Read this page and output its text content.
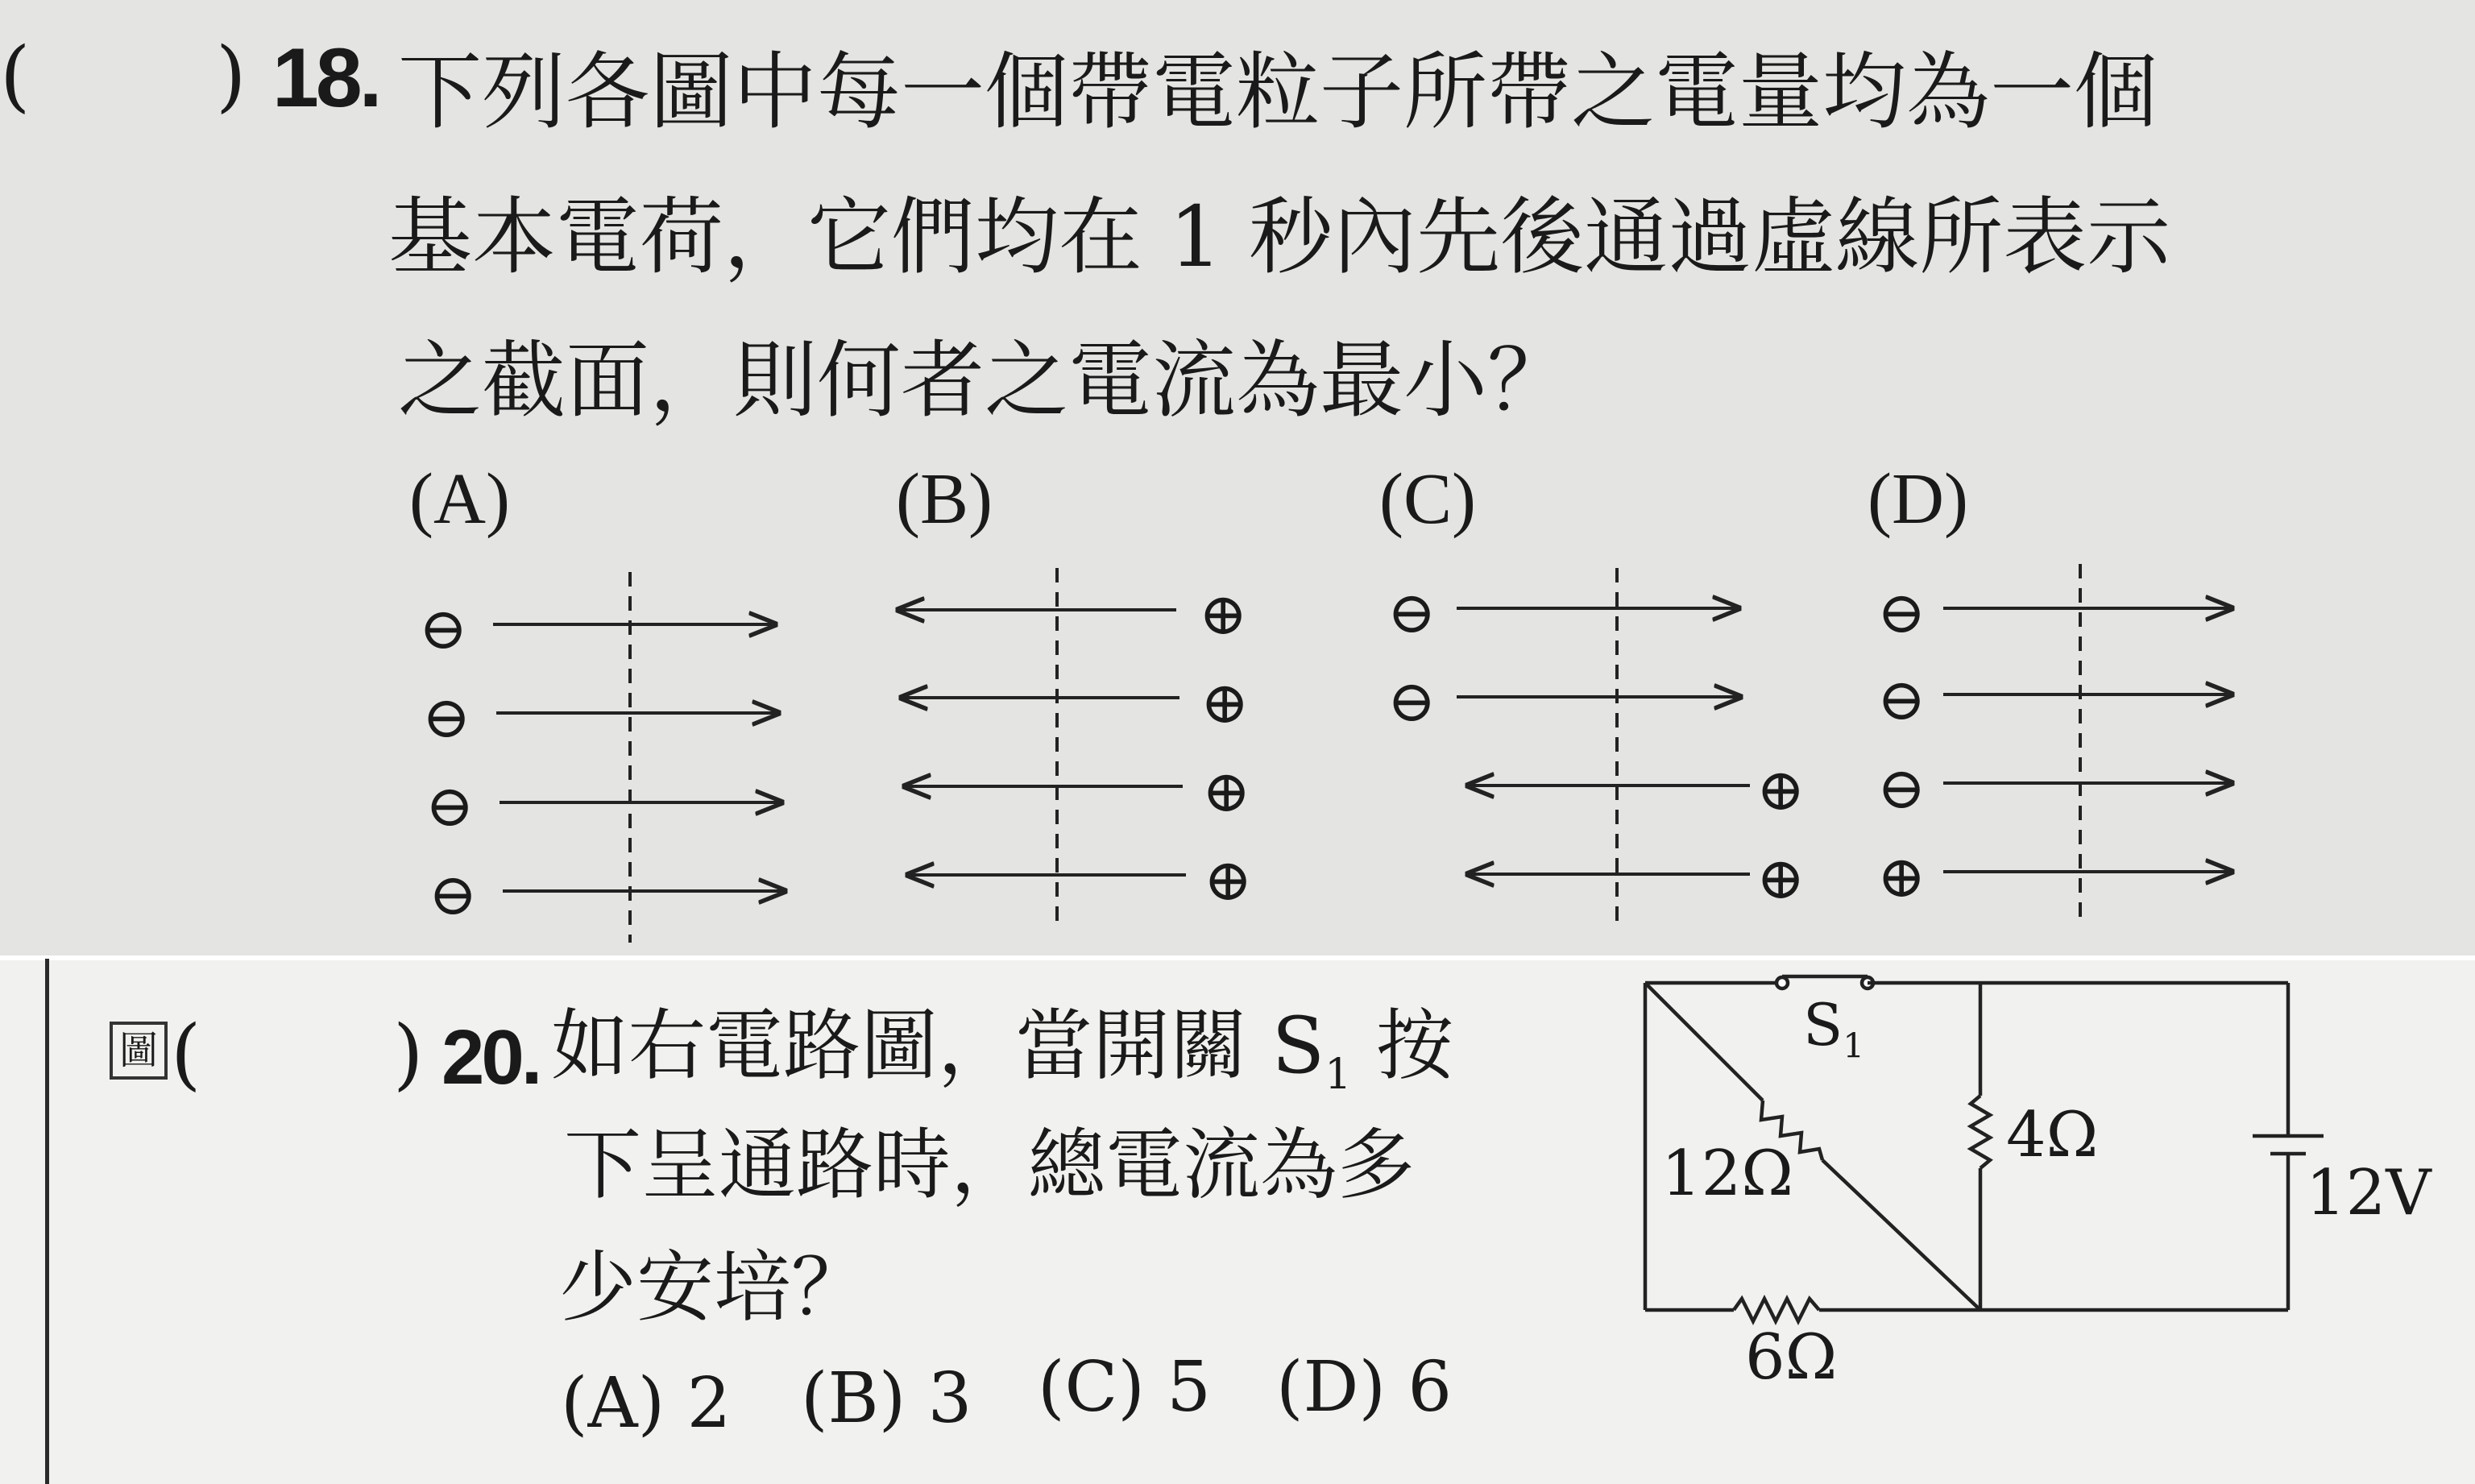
( ) 18. 下列各圖中每一個帶電粒子所帶之電量均為一個
基本電荷，它們均在 1 秒內先後通過虛線所表示
之截面，則何者之電流為最小？
(A)	(B)	(C)	(D)
⊖
⊖
⊖
⊖
⊕
⊕
⊕
⊕
⊖
⊖
⊕
⊕
⊖
⊖
⊖
⊕
圖 ( ) 20. 如右電路圖，當開關 $S_1$ 按
下呈通路時，總電流為多
少安培？
(A) 2 (B) 3 (C) 5 (D) 6
$S_1$
12Ω
4Ω
6Ω
12V
